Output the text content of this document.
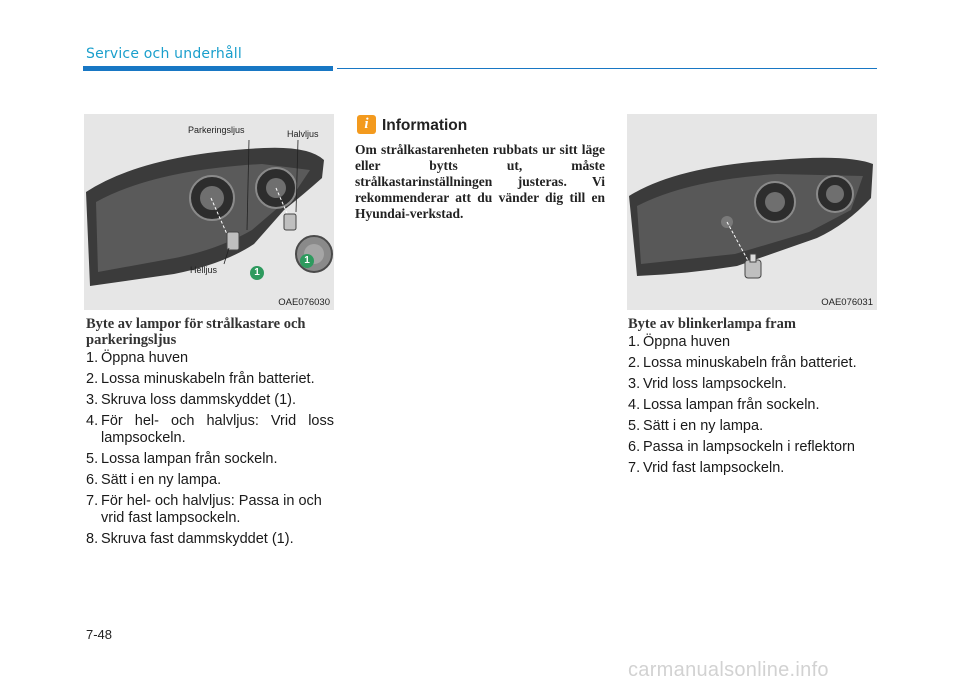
Service och underhåll
Parkeringsljus	Halvljus
Helljus	1
1
OAE076030	OAE076031
Byte av lampor för strålkastare och parkeringsljus
1. Öppna huven
2. Lossa minuskabeln från batteriet.
3. Skruva loss dammskyddet (1).
4. För hel- och halvljus: Vrid loss lampsockeln.
5. Lossa lampan från sockeln.
6. Sätt i en ny lampa.
7. För hel- och halvljus: Passa in och vrid fast lampsockeln.
8. Skruva fast dammskyddet (1).
i Information

Om strålkastarenheten rubbats ur sitt läge eller bytts ut, måste strålkastarinställningen justeras. Vi rekommenderar att du vänder dig till en Hyundai-verkstad.

Byte av blinkerlampa fram
1. Öppna huven
2. Lossa minuskabeln från batteriet.
3. Vrid loss lampsockeln.
4. Lossa lampan från sockeln.
5. Sätt i en ny lampa.
6. Passa in lampsockeln i reflektorn
7. Vrid fast lampsockeln.
7-48
carmanualsonline.info
